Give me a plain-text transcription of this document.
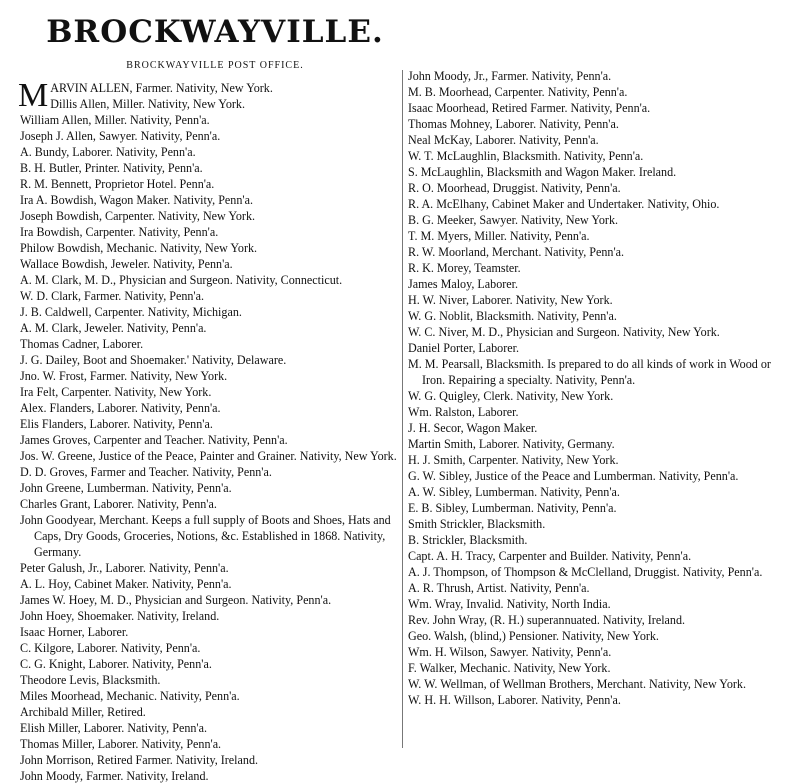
BROCKWAYVILLE.
BROCKWAYVILLE POST OFFICE.

MARVIN ALLEN, Farmer. Nativity, New York.

Dillis Allen, Miller. Nativity, New York.

William Allen, Miller. Nativity, Penn'a.

Joseph J. Allen, Sawyer. Nativity, Penn'a.

A. Bundy, Laborer. Nativity, Penn'a.

B. H. Butler, Printer. Nativity, Penn'a.

R. M. Bennett, Proprietor Hotel. Penn'a.

Ira A. Bowdish, Wagon Maker. Nativity, Penn'a.

Joseph Bowdish, Carpenter. Nativity, New York.

Ira Bowdish, Carpenter. Nativity, Penn'a.

Philow Bowdish, Mechanic. Nativity, New York.

Wallace Bowdish, Jeweler. Nativity, Penn'a.

A. M. Clark, M. D., Physician and Surgeon. Nativity, Connecticut.

W. D. Clark, Farmer. Nativity, Penn'a.

J. B. Caldwell, Carpenter. Nativity, Michigan.

A. M. Clark, Jeweler. Nativity, Penn'a.

Thomas Cadner, Laborer.

J. G. Dailey, Boot and Shoemaker.' Nativity, Delaware.

Jno. W. Frost, Farmer. Nativity, New York.

Ira Felt, Carpenter. Nativity, New York.

Alex. Flanders, Laborer. Nativity, Penn'a.

Elis Flanders, Laborer. Nativity, Penn'a.

James Groves, Carpenter and Teacher. Nativity, Penn'a.

Jos. W. Greene, Justice of the Peace, Painter and Grainer. Nativity, New York.

D. D. Groves, Farmer and Teacher. Nativity, Penn'a.

John Greene, Lumberman. Nativity, Penn'a.

Charles Grant, Laborer. Nativity, Penn'a.

John Goodyear, Merchant. Keeps a full supply of Boots and Shoes, Hats and Caps, Dry Goods, Groceries, Notions, &c. Established in 1868. Nativity, Germany.

Peter Galush, Jr., Laborer. Nativity, Penn'a.

A. L. Hoy, Cabinet Maker. Nativity, Penn'a.

James W. Hoey, M. D., Physician and Surgeon. Nativity, Penn'a.

John Hoey, Shoemaker. Nativity, Ireland.

Isaac Horner, Laborer.

C. Kilgore, Laborer. Nativity, Penn'a.

C. G. Knight, Laborer. Nativity, Penn'a.

Theodore Levis, Blacksmith.

Miles Moorhead, Mechanic. Nativity, Penn'a.

Archibald Miller, Retired.

Elish Miller, Laborer. Nativity, Penn'a.

Thomas Miller, Laborer. Nativity, Penn'a.

John Morrison, Retired Farmer. Nativity, Ireland.

John Moody, Farmer. Nativity, Ireland.

John Moody, Jr., Farmer. Nativity, Penn'a.

M. B. Moorhead, Carpenter. Nativity, Penn'a.

Isaac Moorhead, Retired Farmer. Nativity, Penn'a.

Thomas Mohney, Laborer. Nativity, Penn'a.

Neal McKay, Laborer. Nativity, Penn'a.

W. T. McLaughlin, Blacksmith. Nativity, Penn'a.

S. McLaughlin, Blacksmith and Wagon Maker. Ireland.

R. O. Moorhead, Druggist. Nativity, Penn'a.

R. A. McElhany, Cabinet Maker and Undertaker. Nativity, Ohio.

B. G. Meeker, Sawyer. Nativity, New York.

T. M. Myers, Miller. Nativity, Penn'a.

R. W. Moorland, Merchant. Nativity, Penn'a.

R. K. Morey, Teamster.

James Maloy, Laborer.

H. W. Niver, Laborer. Nativity, New York.

W. G. Noblit, Blacksmith. Nativity, Penn'a.

W. C. Niver, M. D., Physician and Surgeon. Nativity, New York.

Daniel Porter, Laborer.

M. M. Pearsall, Blacksmith. Is prepared to do all kinds of work in Wood or Iron. Repairing a specialty. Nativity, Penn'a.

W. G. Quigley, Clerk. Nativity, New York.

Wm. Ralston, Laborer.

J. H. Secor, Wagon Maker.

Martin Smith, Laborer. Nativity, Germany.

H. J. Smith, Carpenter. Nativity, New York.

G. W. Sibley, Justice of the Peace and Lumberman. Nativity, Penn'a.

A. W. Sibley, Lumberman. Nativity, Penn'a.

E. B. Sibley, Lumberman. Nativity, Penn'a.

Smith Strickler, Blacksmith.

B. Strickler, Blacksmith.

Capt. A. H. Tracy, Carpenter and Builder. Nativity, Penn'a.

A. J. Thompson, of Thompson & McClelland, Druggist. Nativity, Penn'a.

A. R. Thrush, Artist. Nativity, Penn'a.

Wm. Wray, Invalid. Nativity, North India.

Rev. John Wray, (R. H.) superannuated. Nativity, Ireland.

Geo. Walsh, (blind,) Pensioner. Nativity, New York.

Wm. H. Wilson, Sawyer. Nativity, Penn'a.

F. Walker, Mechanic. Nativity, New York.

W. W. Wellman, of Wellman Brothers, Merchant. Nativity, New York.

W. H. H. Willson, Laborer. Nativity, Penn'a.
